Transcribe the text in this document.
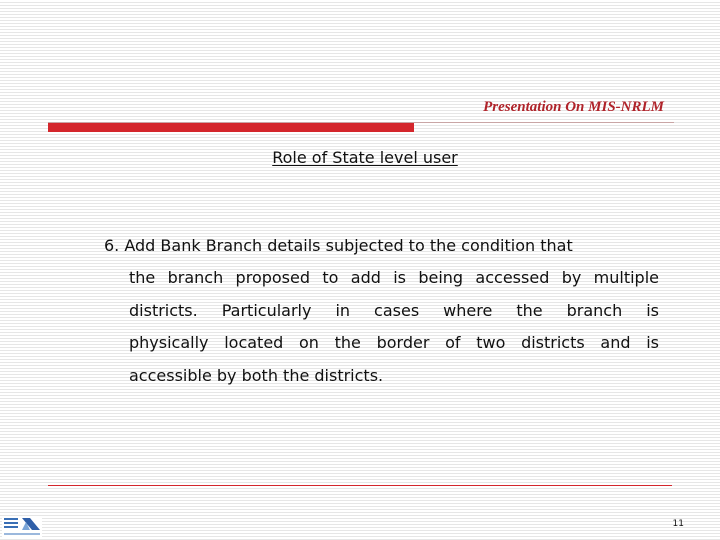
Presentation On MIS-NRLM
Role of State level user
6. Add Bank Branch details subjected to the condition that
the branch proposed to add is being accessed by multiple
districts. Particularly in cases where the branch is
physically located on the border of two districts and is
accessible by both the districts.
11
